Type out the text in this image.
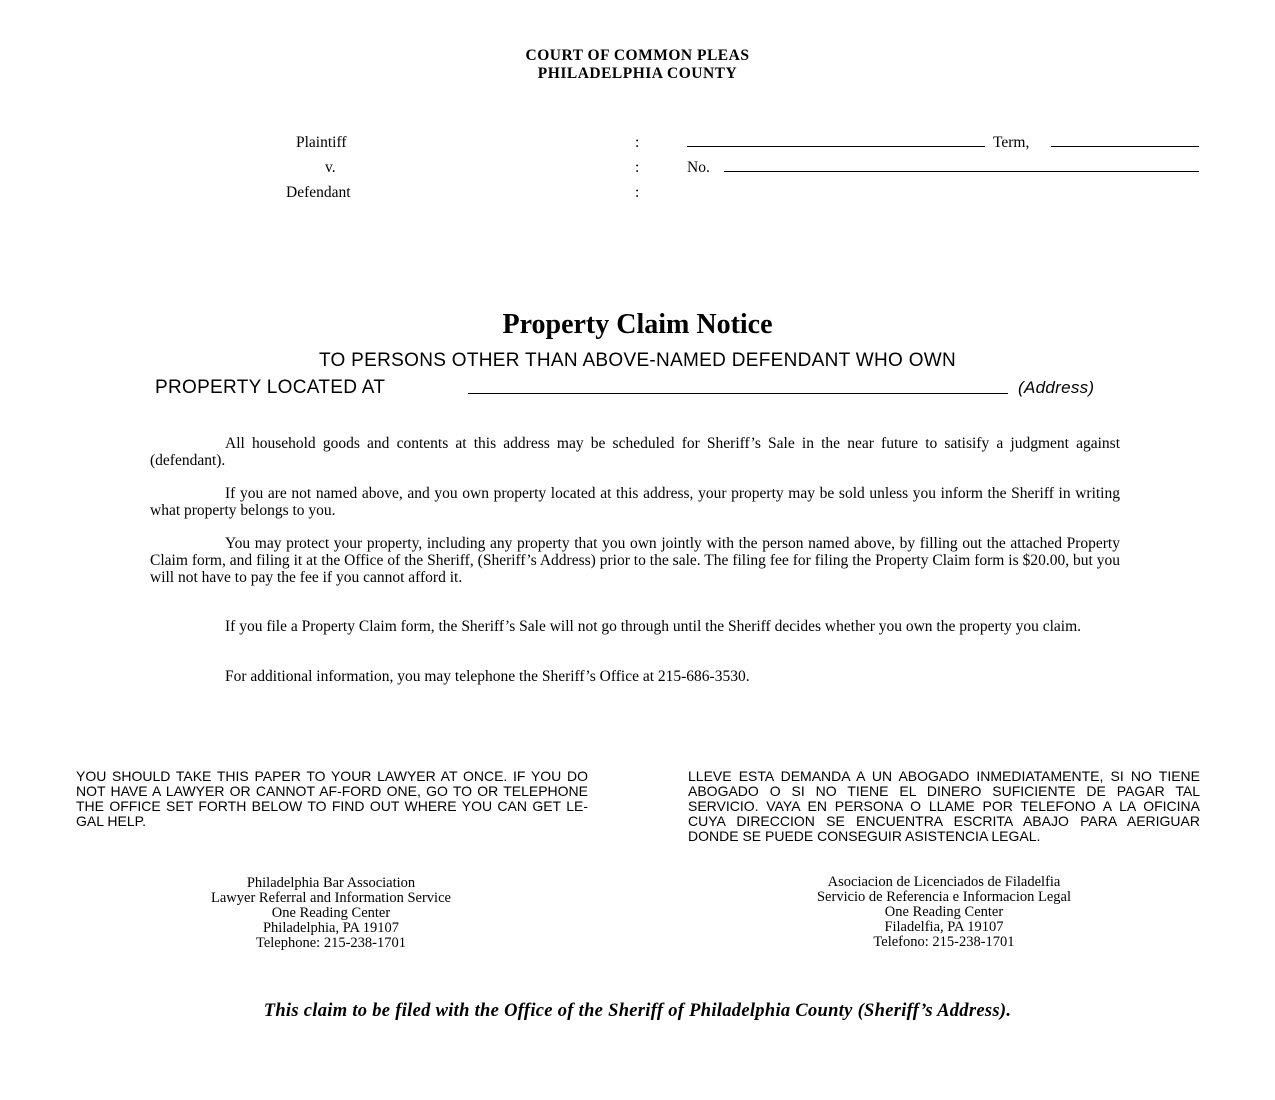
COURT OF COMMON PLEAS
PHILADELPHIA COUNTY
Plaintiff
v.
Defendant
:
:
:
Term,
No.
Property Claim Notice
TO PERSONS OTHER THAN ABOVE-NAMED DEFENDANT WHO OWN
PROPERTY LOCATED AT	(Address)
All household goods and contents at this address may be scheduled for Sheriff’s Sale in the near future to satisify a judgment against (defendant).
If you are not named above, and you own property located at this address, your property may be sold unless you inform the Sheriff in writing what property belongs to you.
You may protect your property, including any property that you own jointly with the person named above, by filling out the attached Property Claim form, and filing it at the Office of the Sheriff, (Sheriff’s Address) prior to the sale. The filing fee for filing the Property Claim form is $20.00, but you will not have to pay the fee if you cannot afford it.
If you file a Property Claim form, the Sheriff’s Sale will not go through until the Sheriff decides whether you own the property you claim.
For additional information, you may telephone the Sheriff’s Office at 215-686-3530.
YOU SHOULD TAKE THIS PAPER TO YOUR LAWYER AT ONCE. IF YOU DO NOT HAVE A LAWYER OR CANNOT AF-FORD ONE, GO TO OR TELEPHONE THE OFFICE SET FORTH BELOW TO FIND OUT WHERE YOU CAN GET LE-GAL HELP.
LLEVE ESTA DEMANDA A UN ABOGADO INMEDIATAMENTE, SI NO TIENE ABOGADO O SI NO TIENE EL DINERO SUFICIENTE DE PAGAR TAL SERVICIO. VAYA EN PERSONA O LLAME POR TELEFONO A LA OFICINA CUYA DIRECCION SE ENCUENTRA ESCRITA ABAJO PARA AERIGUAR DONDE SE PUEDE CONSEGUIR ASISTENCIA LEGAL.
Philadelphia Bar Association
Lawyer Referral and Information Service
One Reading Center
Philadelphia, PA 19107
Telephone: 215-238-1701
Asociacion de Licenciados de Filadelfia
Servicio de Referencia e Informacion Legal
One Reading Center
Filadelfia, PA 19107
Telefono: 215-238-1701
This claim to be filed with the Office of the Sheriff of Philadelphia County (Sheriff’s Address).
